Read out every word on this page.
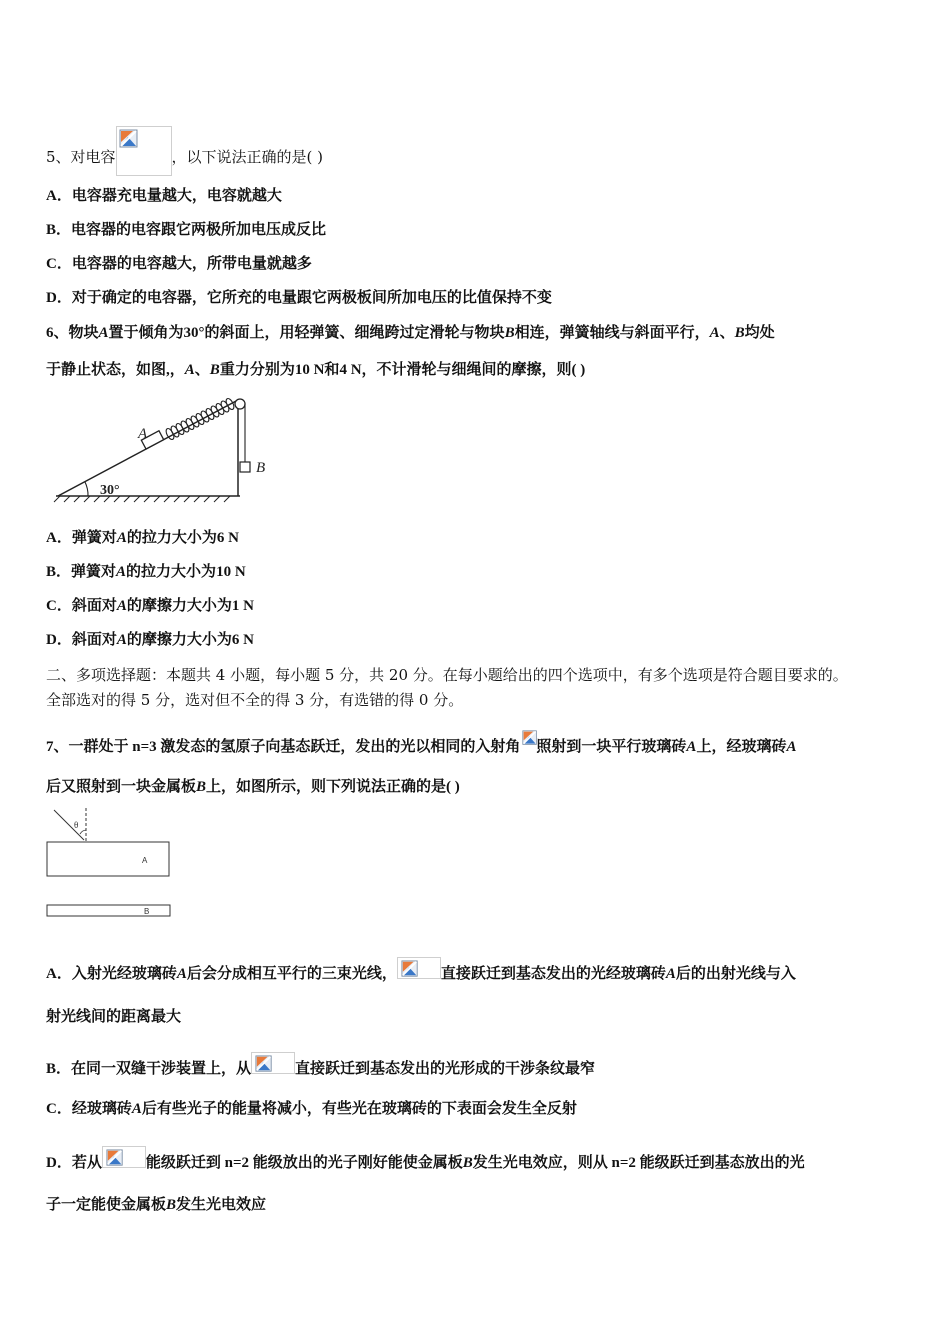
5、对电容	，以下说法正确的是( )
A．电容器充电量越大，电容就越大
B．电容器的电容跟它两极所加电压成反比
C．电容器的电容越大，所带电量就越多
D．对于确定的电容器，它所充的电量跟它两极板间所加电压的比值保持不变
6、物块A置于倾角为30°的斜面上，用轻弹簧、细绳跨过定滑轮与物块B相连，弹簧轴线与斜面平行，A、B均处
于静止状态，如图,，A、B重力分别为10 N和4 N，不计滑轮与细绳间的摩擦，则( )
A
B
30°
A．弹簧对A的拉力大小为6 N
B．弹簧对A的拉力大小为10 N
C．斜面对A的摩擦力大小为1 N
D．斜面对A的摩擦力大小为6 N
二、多项选择题：本题共 4 小题，每小题 5 分，共 20 分。在每小题给出的四个选项中，有多个选项是符合题目要求的。
全部选对的得 5 分，选对但不全的得 3 分，有选错的得 0 分。
7、一群处于 n=3 激发态的氢原子向基态跃迁，发出的光以相同的入射角 照射到一块平行玻璃砖A上，经玻璃砖A
后又照射到一块金属板B上，如图所示，则下列说法正确的是( )
θ
A
B
A．入射光经玻璃砖A后会分成相互平行的三束光线，	直接跃迁到基态发出的光经玻璃砖A后的出射光线与入
射光线间的距离最大
B．在同一双缝干涉装置上，从	直接跃迁到基态发出的光形成的干涉条纹最窄
C．经玻璃砖A后有些光子的能量将减小，有些光在玻璃砖的下表面会发生全反射
D．若从	能级跃迁到 n=2 能级放出的光子刚好能使金属板B发生光电效应，则从 n=2 能级跃迁到基态放出的光
子一定能使金属板B发生光电效应
